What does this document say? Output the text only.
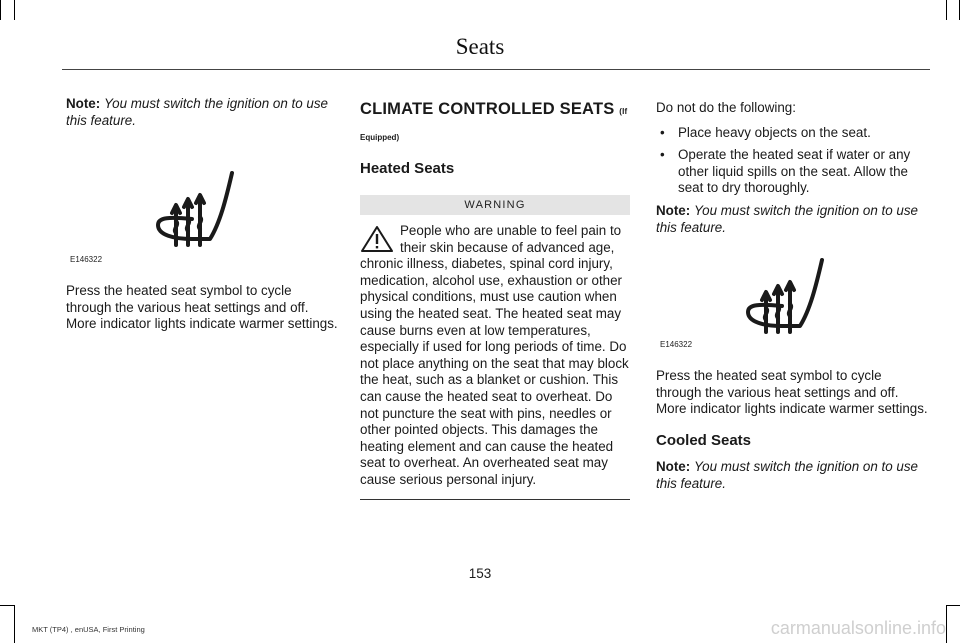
Seats

Note: You must switch the ignition on to use this feature.

E146322

Press the heated seat symbol to cycle through the various heat settings and off. More indicator lights indicate warmer settings.

CLIMATE CONTROLLED SEATS (If
Equipped)
Heated Seats
WARNING
People who are unable to feel pain to their skin because of advanced age, chronic illness, diabetes, spinal cord injury, medication, alcohol use, exhaustion or other physical conditions, must use caution when using the heated seat. The heated seat may cause burns even at low temperatures, especially if used for long periods of time. Do not place anything on the seat that may block the heat, such as a blanket or cushion. This can cause the heated seat to overheat. Do not puncture the seat with pins, needles or other pointed objects. This damages the heating element and can cause the heated seat to overheat. An overheated seat may cause serious personal injury.

Do not do the following:

• Place heavy objects on the seat.
• Operate the heated seat if water or any other liquid spills on the seat. Allow the seat to dry thoroughly.

Note: You must switch the ignition on to use this feature.

E146322

Press the heated seat symbol to cycle through the various heat settings and off. More indicator lights indicate warmer settings.

Cooled Seats

Note: You must switch the ignition on to use this feature.

153
MKT (TP4) , enUSA, First Printing	carmanualsonline.info
